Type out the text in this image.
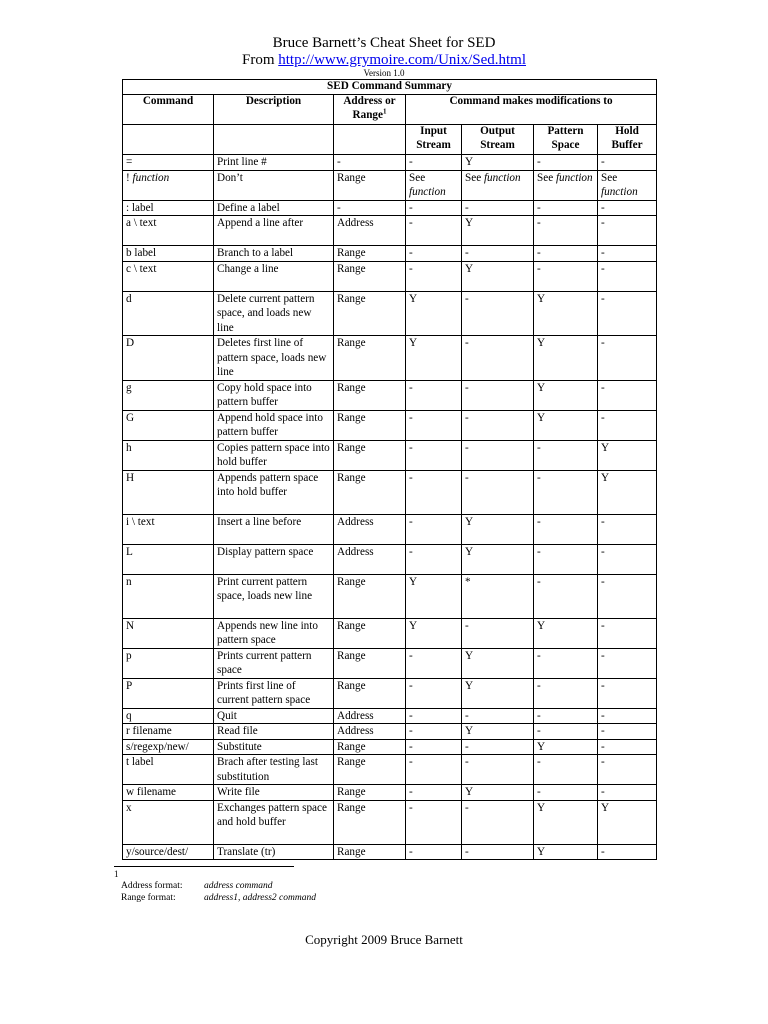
Bruce Barnett’s Cheat Sheet for SED
From http://www.grymoire.com/Unix/Sed.html
Version 1.0
SED Command Summary						
Command	Description	Address or Range$^1$	Command makes modifications to			
			Input Stream	Output Stream	Pattern Space	Hold Buffer
=	Print line #	-	-	Y	-	-
! function	Don’t	Range	See function	See function	See function	See function
: label	Define a label	-	-	-	-	-
a \ text	Append a line after	Address	-	Y	-	-
b label	Branch to a label	Range	-	-	-	-
c \ text	Change a line	Range	-	Y	-	-
d	Delete current pattern space, and loads new line	Range	Y	-	Y	-
D	Deletes first line of pattern space, loads new line	Range	Y	-	Y	-
g	Copy hold space into pattern buffer	Range	-	-	Y	-
G	Append hold space into pattern buffer	Range	-	-	Y	-
h	Copies pattern space into hold buffer	Range	-	-	-	Y
H	Appends pattern space into hold buffer	Range	-	-	-	Y
i \ text	Insert a line before	Address	-	Y	-	-
L	Display pattern space	Address	-	Y	-	-
n	Print current pattern space, loads new line	Range	Y	*	-	-
N	Appends new line into pattern space	Range	Y	-	Y	-
p	Prints current pattern space	Range	-	Y	-	-
P	Prints first line of current pattern space	Range	-	Y	-	-
q	Quit	Address	-	-	-	-
r filename	Read file	Address	-	Y	-	-
s/regexp/new/	Substitute	Range	-	-	Y	-
t label	Brach after testing last substitution	Range	-	-	-	-
w filename	Write file	Range	-	Y	-	-
x	Exchanges pattern space and hold buffer	Range	-	-	Y	Y
y/source/dest/	Translate (tr)	Range	-	-	Y	-
1
Address format: address command
Range format:	address1, address2 command
Copyright 2009 Bruce Barnett
